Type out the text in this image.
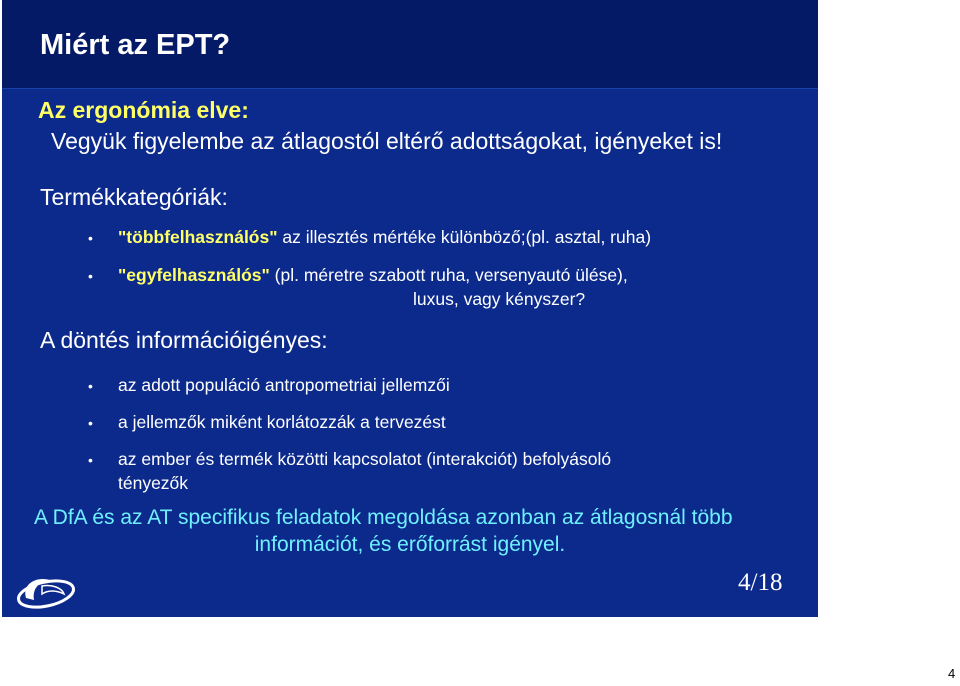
Miért az EPT?
Az ergonómia elve:
Vegyük figyelembe az átlagostól eltérő adottságokat, igényeket is!
Termékkategóriák:
• "többfelhasználós" az illesztés mértéke különböző;(pl. asztal, ruha)
• "egyfelhasználós" (pl. méretre szabott ruha, versenyautó ülése),
luxus, vagy kényszer?
A döntés információigényes:
• az adott populáció antropometriai jellemzői
• a jellemzők miként korlátozzák a tervezést
• az ember és termék közötti kapcsolatot (interakciót) befolyásoló
tényezők
A DfA és az AT specifikus feladatok megoldása azonban az átlagosnál több
információt, és erőforrást igényel.
4/18
4
